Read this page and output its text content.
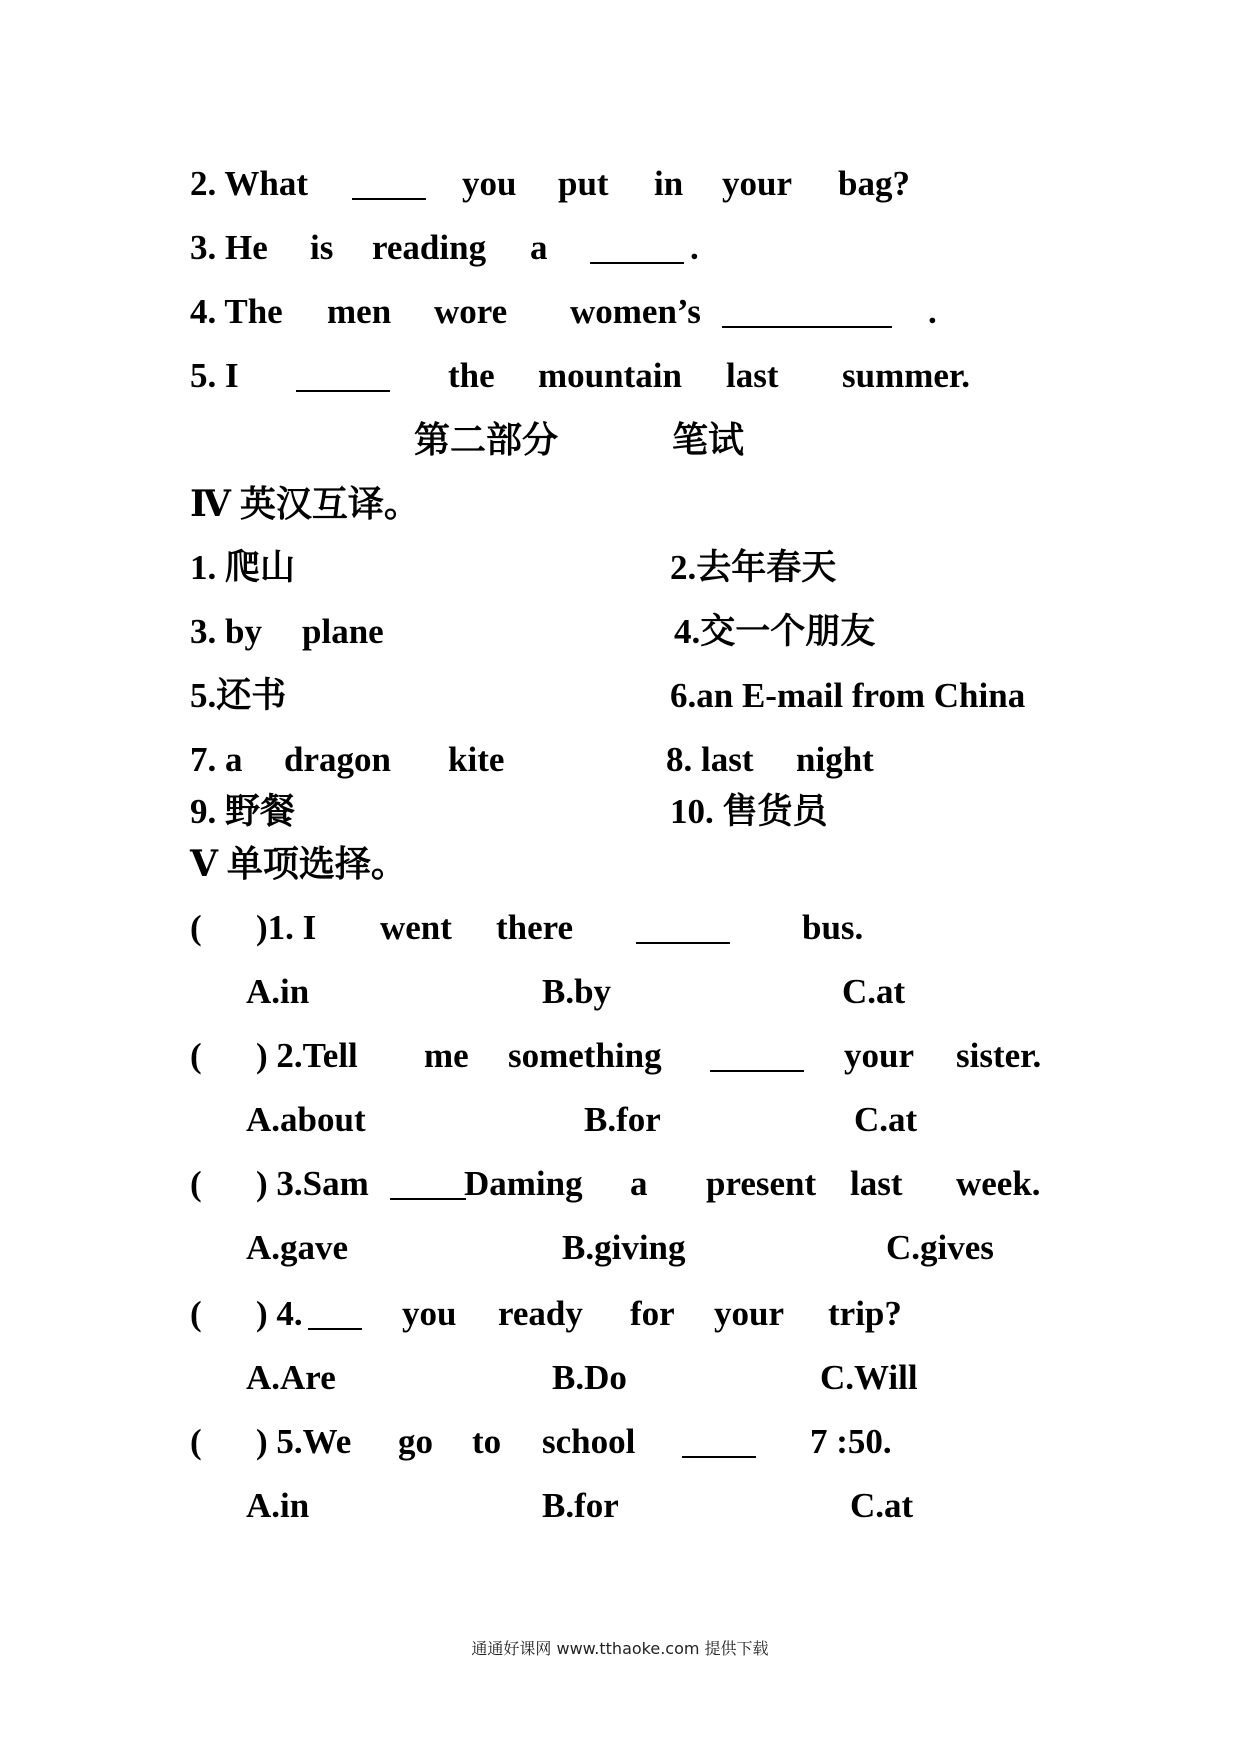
2. What	you put in your bag?
3. He is reading a	.
4. The men wore women’s	.
5. I	the mountain last summer.
第二部分	笔试
Ⅳ 英汉互译。
1. 爬山	2.去年春天
3. by plane	4.交一个朋友
5.还书	6.an E-mail from China
7. a dragon kite	8. last night
9. 野餐	10. 售货员
Ⅴ 单项选择。
( )1. I went there	bus.
A.in	B.by	C.at
( ) 2.Tell me something	your sister.
A.about	B.for	C.at
( ) 3.Sam	Daming a present last week.
A.gave	B.giving	C.gives
( ) 4.	you ready for your trip?
A.Are	B.Do	C.Will
( ) 5.We go to school	7 :50.
A.in	B.for	C.at
通通好课网 www.tthaoke.com 提供下载
